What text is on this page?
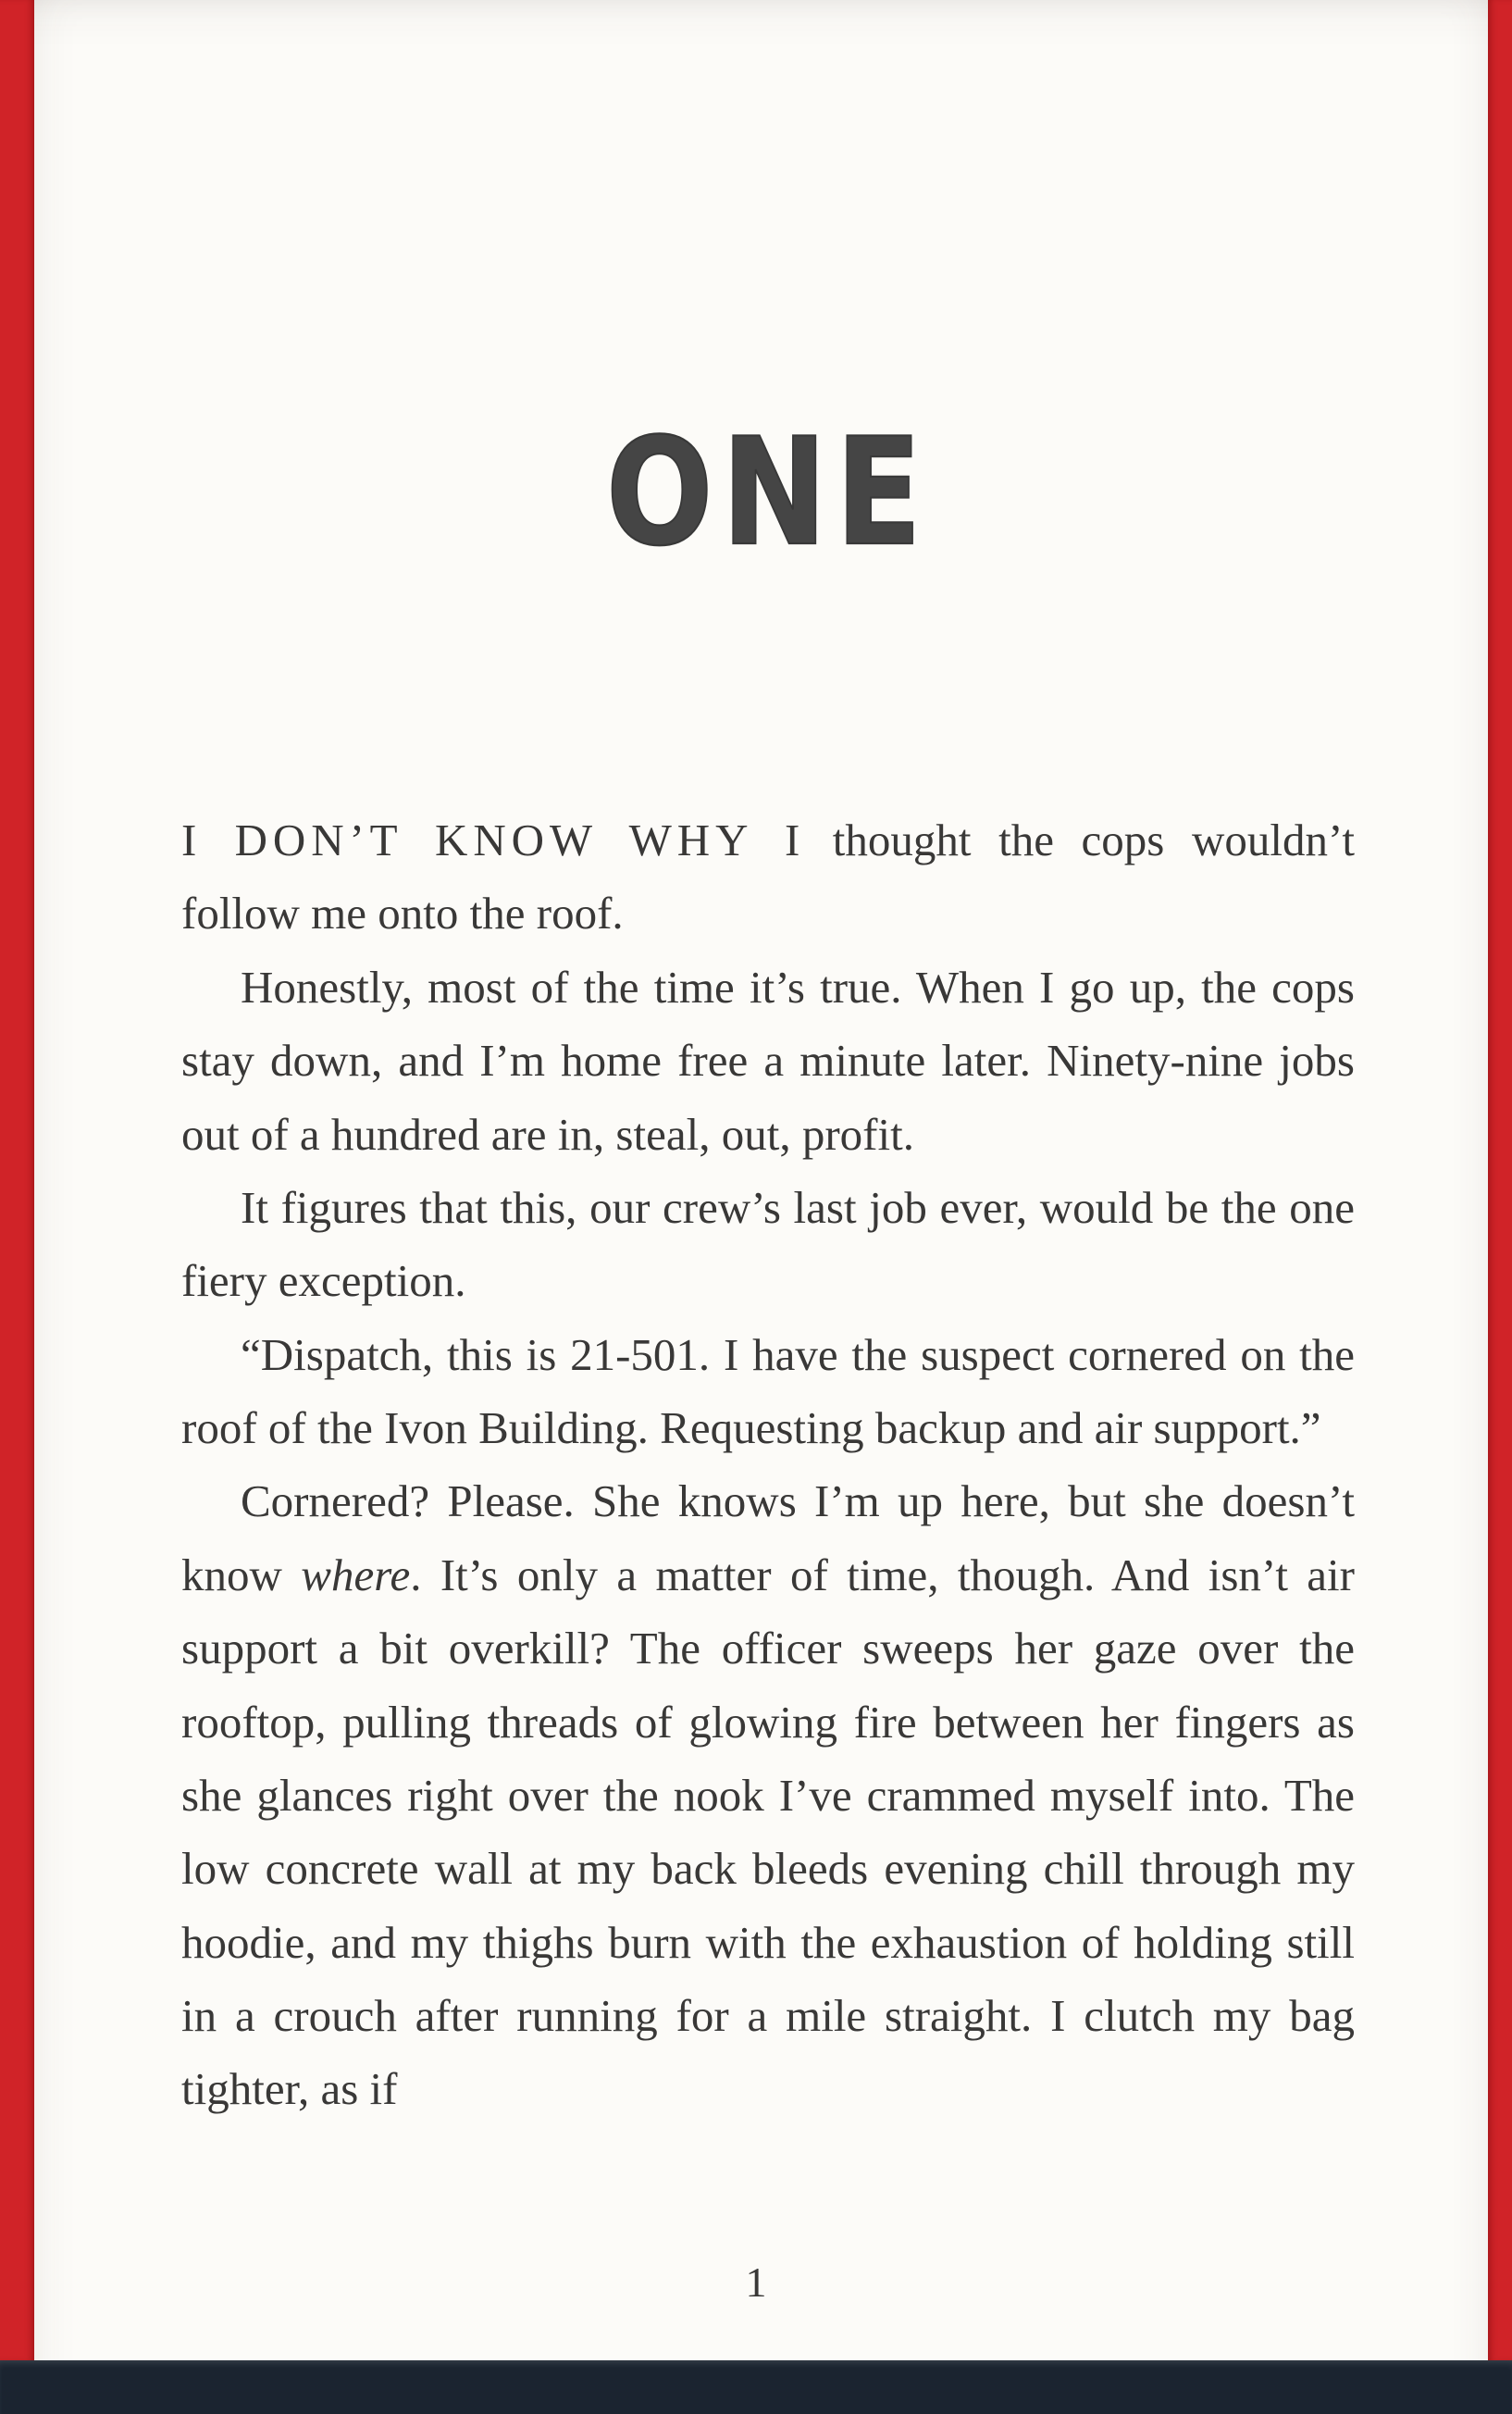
ONE

I DON’T KNOW WHY I thought the cops wouldn’t follow me onto the roof.

Honestly, most of the time it’s true. When I go up, the cops stay down, and I’m home free a minute later. Ninety-nine jobs out of a hundred are in, steal, out, profit.

It figures that this, our crew’s last job ever, would be the one fiery exception.

“Dispatch, this is 21-501. I have the suspect cornered on the roof of the Ivon Building. Requesting backup and air support.”

Cornered? Please. She knows I’m up here, but she doesn’t know where. It’s only a matter of time, though. And isn’t air support a bit overkill? The officer sweeps her gaze over the rooftop, pulling threads of glowing fire between her fingers as she glances right over the nook I’ve crammed myself into. The low concrete wall at my back bleeds evening chill through my hoodie, and my thighs burn with the exhaustion of holding still in a crouch after running for a mile straight. I clutch my bag tighter, as if

1
